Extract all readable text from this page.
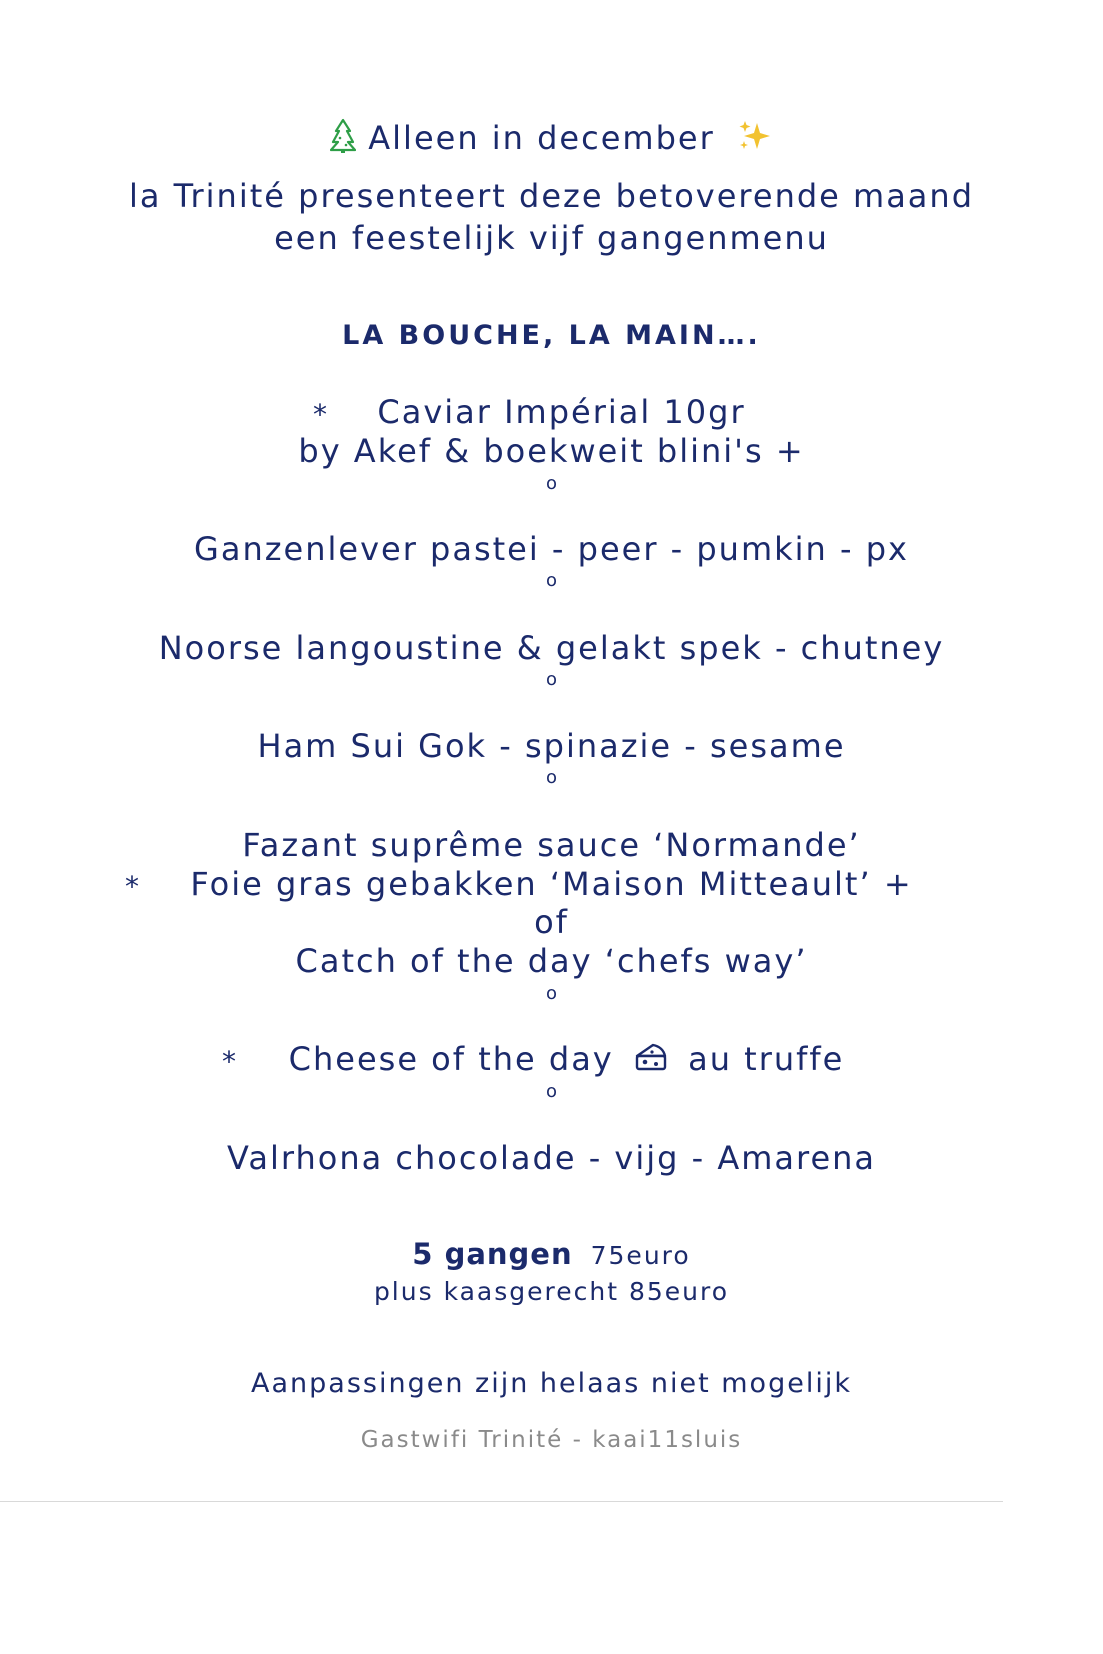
Alleen in december
la Trinité presenteert deze betoverende maand
een feestelijk vijf gangenmenu
LA BOUCHE, LA MAIN….
*	Caviar Impérial 10gr
by Akef & boekweit blini's +
o
Ganzenlever pastei - peer - pumkin - px
o
Noorse langoustine & gelakt spek - chutney
o
Ham Sui Gok - spinazie - sesame
o
Fazant suprême sauce ‘Normande’
*	Foie gras gebakken ‘Maison Mitteault’ +
of
Catch of the day ‘chefs way’
o
*	Cheese of the day au truffe
o
Valrhona chocolade - vijg - Amarena
5 gangen 75euro
plus kaasgerecht 85euro
Aanpassingen zijn helaas niet mogelijk
Gastwifi Trinité - kaai11sluis
